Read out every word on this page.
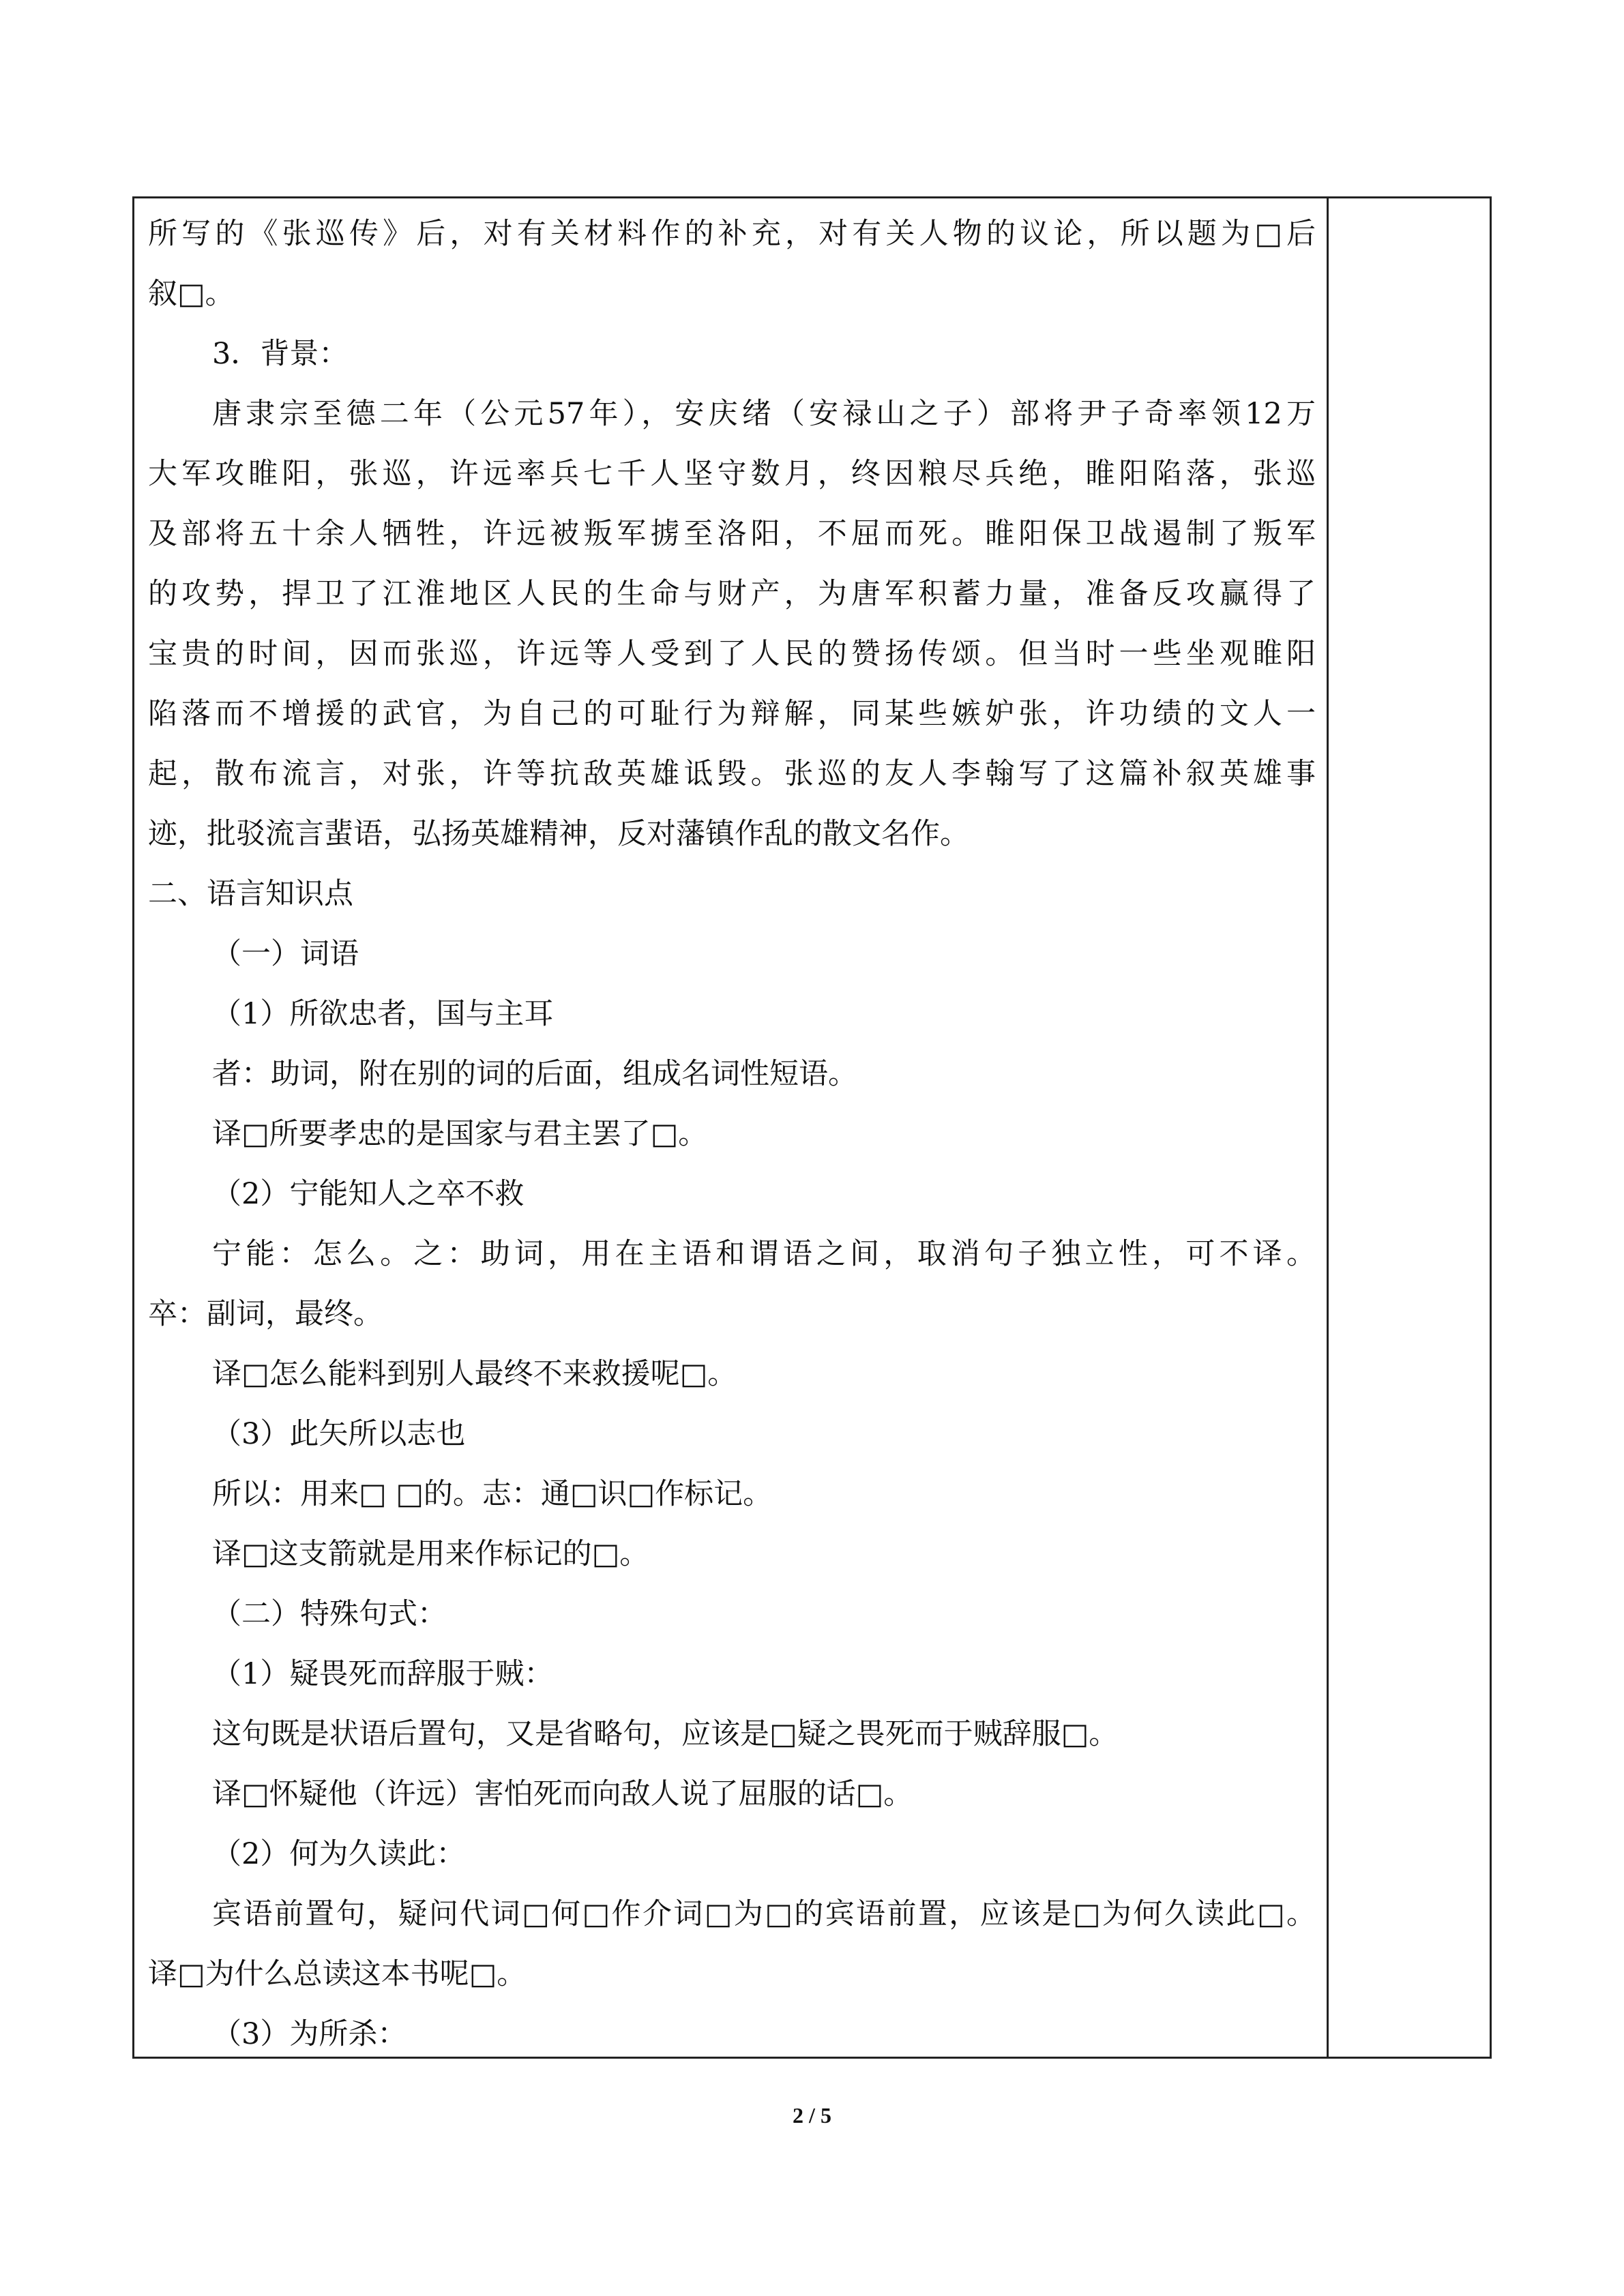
所写的《张巡传》后，对有关材料作的补充，对有关人物的议论，所以题为□后
叙□。
3．背景：
唐隶宗至德二年（公元57年），安庆绪（安禄山之子）部将尹子奇率领12万
大军攻睢阳，张巡，许远率兵七千人坚守数月，终因粮尽兵绝，睢阳陷落，张巡
及部将五十余人牺牲，许远被叛军掳至洛阳，不屈而死。睢阳保卫战遏制了叛军
的攻势，捍卫了江淮地区人民的生命与财产，为唐军积蓄力量，准备反攻赢得了
宝贵的时间，因而张巡，许远等人受到了人民的赞扬传颂。但当时一些坐观睢阳
陷落而不增援的武官，为自己的可耻行为辩解，同某些嫉妒张，许功绩的文人一
起，散布流言，对张，许等抗敌英雄诋毁。张巡的友人李翰写了这篇补叙英雄事
迹，批驳流言蜚语，弘扬英雄精神，反对藩镇作乱的散文名作。
二、语言知识点
（一）词语
（1）所欲忠者，国与主耳
者：助词，附在别的词的后面，组成名词性短语。
译□所要孝忠的是国家与君主罢了□。
（2）宁能知人之卒不救
宁能：怎么。之：助词，用在主语和谓语之间，取消句子独立性，可不译。
卒：副词，最终。
译□怎么能料到别人最终不来救援呢□。
（3）此矢所以志也
所以：用来□ □的。志：通□识□作标记。
译□这支箭就是用来作标记的□。
（二）特殊句式：
（1）疑畏死而辞服于贼：
这句既是状语后置句，又是省略句，应该是□疑之畏死而于贼辞服□。
译□怀疑他（许远）害怕死而向敌人说了屈服的话□。
（2）何为久读此：
宾语前置句，疑问代词□何□作介词□为□的宾语前置，应该是□为何久读此□。
译□为什么总读这本书呢□。
（3）为所杀：
2 / 5
